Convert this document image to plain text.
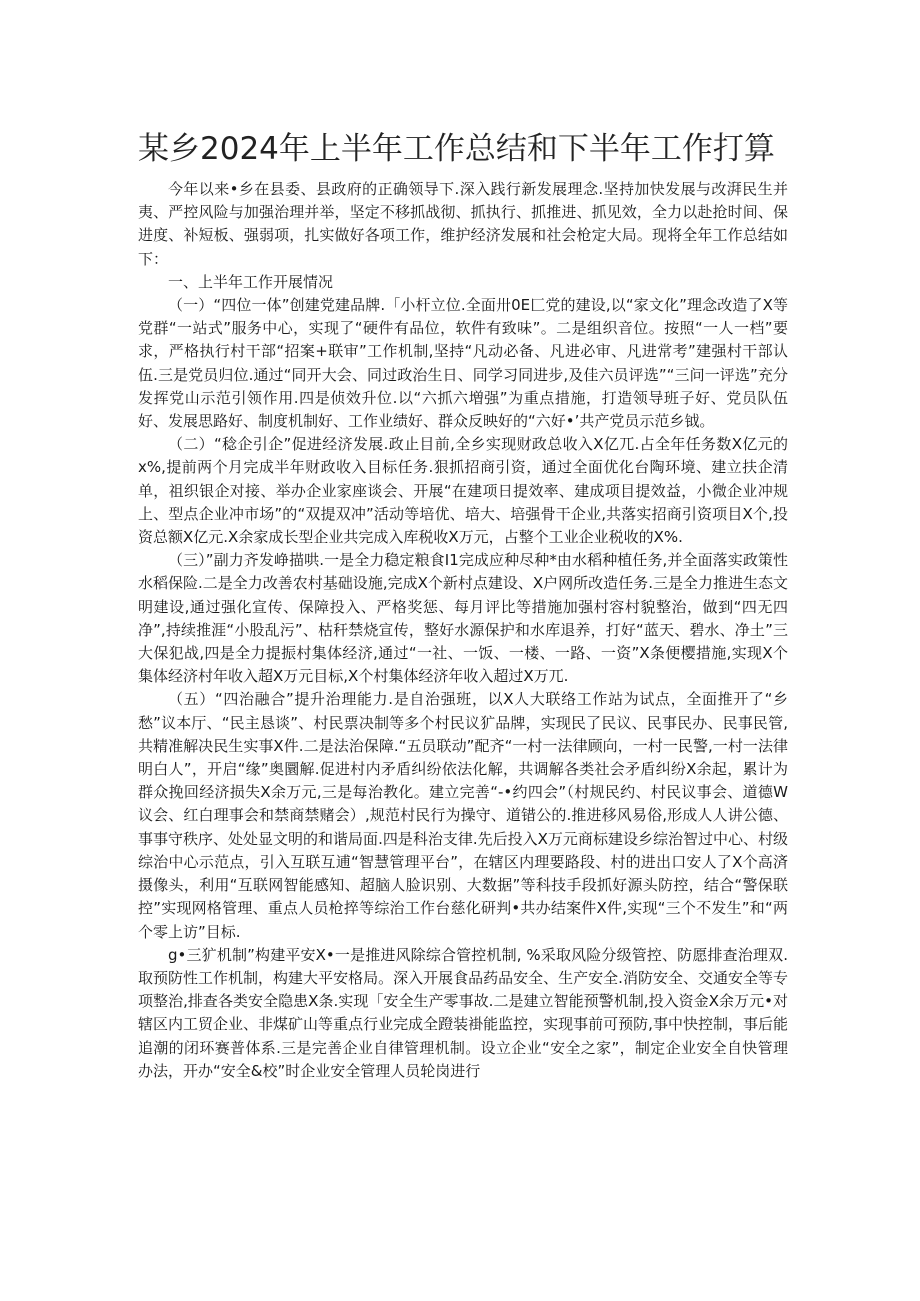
某乡2024年上半年工作总结和下半年工作打算

今年以来•乡在县委、县政府的正确领导下.深入践行新发展理念.坚持加快发展与改湃民生并夷、严控风险与加强治理并举，坚定不移抓战彻、抓执行、抓推进、抓见效，全力以赴抢时间、保进度、补短板、强弱项，扎实做好各项工作，维护经济发展和社会枪定大局。现将全年工作总结如下：

一、上半年工作开展情况

（一）“四位一体”创建党建品牌.「小杆立位.全面卅0E匚党的建设,以“家文化”理念改造了X等党群“一站式”服务中心，实现了“硬件有品位，软件有致味”。二是组织音位。按照“一人一档”要求，严格执行村干部“招案+联审”工作机制,坚持“凡动必备、凡进必审、凡进常考”建强村干部认伍.三是党员归位.通过“同开大会、同过政治生日、同学习同进步,及佳六员评选”“三问一评选”充分发挥党山示范引领作用.四是侦效升位.以“六抓六増强”为重点措施，打造领导班子好、党员队伍好、发展思路好、制度机制好、工作业绩好、群众反映好的“六好•’共产党员示范乡钺。

（二）“稔企引企”促进经济发展.政止目前,全乡实现财政总收入X亿兀.占全年任务数X亿元的x%,提前两个月完成半年财政收入目标任务.狠抓招商引资，通过全面优化台陶环境、建立扶企清单，祖织银企对接、举办企业家座谈会、开展“在建项日提效率、建成项目提效益，小微企业冲规上、型点企业冲市场”的“双提双冲”活动等培优、培大、培强骨干企业,共落实招商引资项目X个,投资总额X亿元.X余家成长型企业共完成入库税收X万元，占整个工业企业税收的X%.

（三）”副力齐发峥描哄.一是全力稳定粮食I1完成应种尽种*由水稻种植任务,并全面落实政策性水稻保险.二是全力改善农村基础设施,完成X个新村点建设、X户网所改造任务.三是全力推进生态文明建设,通过强化宣传、保障投入、严格奖惩、每月评比等措施加强村容村貌整治，做到“四无四净”,持续推涯“小股乱污”、枯秆禁烧宣传，整好水源保护和水库退养，打好“蓝天、碧水、净土”三大保犯战,四是全力提振村集体经济,通过“一社、一饭、一楼、一路、一资”X条便樱措施,实现X个集体经济村年收入超X万元目标,X个村集体经济年收入超过X万兀.

（五）“四治融合”提升治理能力.是自治强班，以X人大联络工作站为试点，全面推开了“乡愁”议本厅、“民主恳谈”、村民票决制等多个村民议犷品牌，实现民了民议、民事民办、民事民管,共精准解决民生实事X件.二是法治保障.“五员联动”配齐“一村一法律顾向，一村一民警,一村一法律明白人”，开启“缘”奥圜解.促进村内矛盾纠纷依法化解，共调解各类社会矛盾纠纷X余起，累计为群众挽回经济损失X余万元,三是每治教化。建立完善“-•约四会”（村规民约、村民议事会、道德W议会、红白理事会和禁商禁赌会）,规范村民行为操守、道错公的.推进移风易俗,形成人人讲公德、事事守秩序、处处显文明的和谐局面.四是科治支律.先后投入X万元商标建设乡综治智过中心、村级综治中心示范点，引入互联互逋“智慧管理平台”，在辖区内理要路段、村的进出口安人了X个高済摄像头，利用“互联网智能感知、超脑人脸识别、大数据”等科技手段抓好源头防控，结合“警保联控”实现网格管理、重点人员枪捽等综治工作台慈化研判•共办结案件X件,实现“三个不发生”和“两个零上访”目标.

g•三犷机制”构建平安X•一是推进风除综合管控机制, %采取风险分级管控、防愿排查治理双.取预防性工作机制，构建大平安格局。深入开展食品药品安全、生产安全.消防安全、交通安全等专项整治,排查各类安全隐患X条.实现「安全生产零事故.二是建立智能预警机制,投入资金X余万元•对辖区内工贸企业、非煤矿山等重点行业完成全蹬装褂能监控，实现事前可预防,事中快控制，事后能追潮的闭环赛普体系.三是完善企业自律管理机制。设立企业“安全之家”，制定企业安全自快管理办法，开办“安全&校”时企业安全管理人员轮岗进行
